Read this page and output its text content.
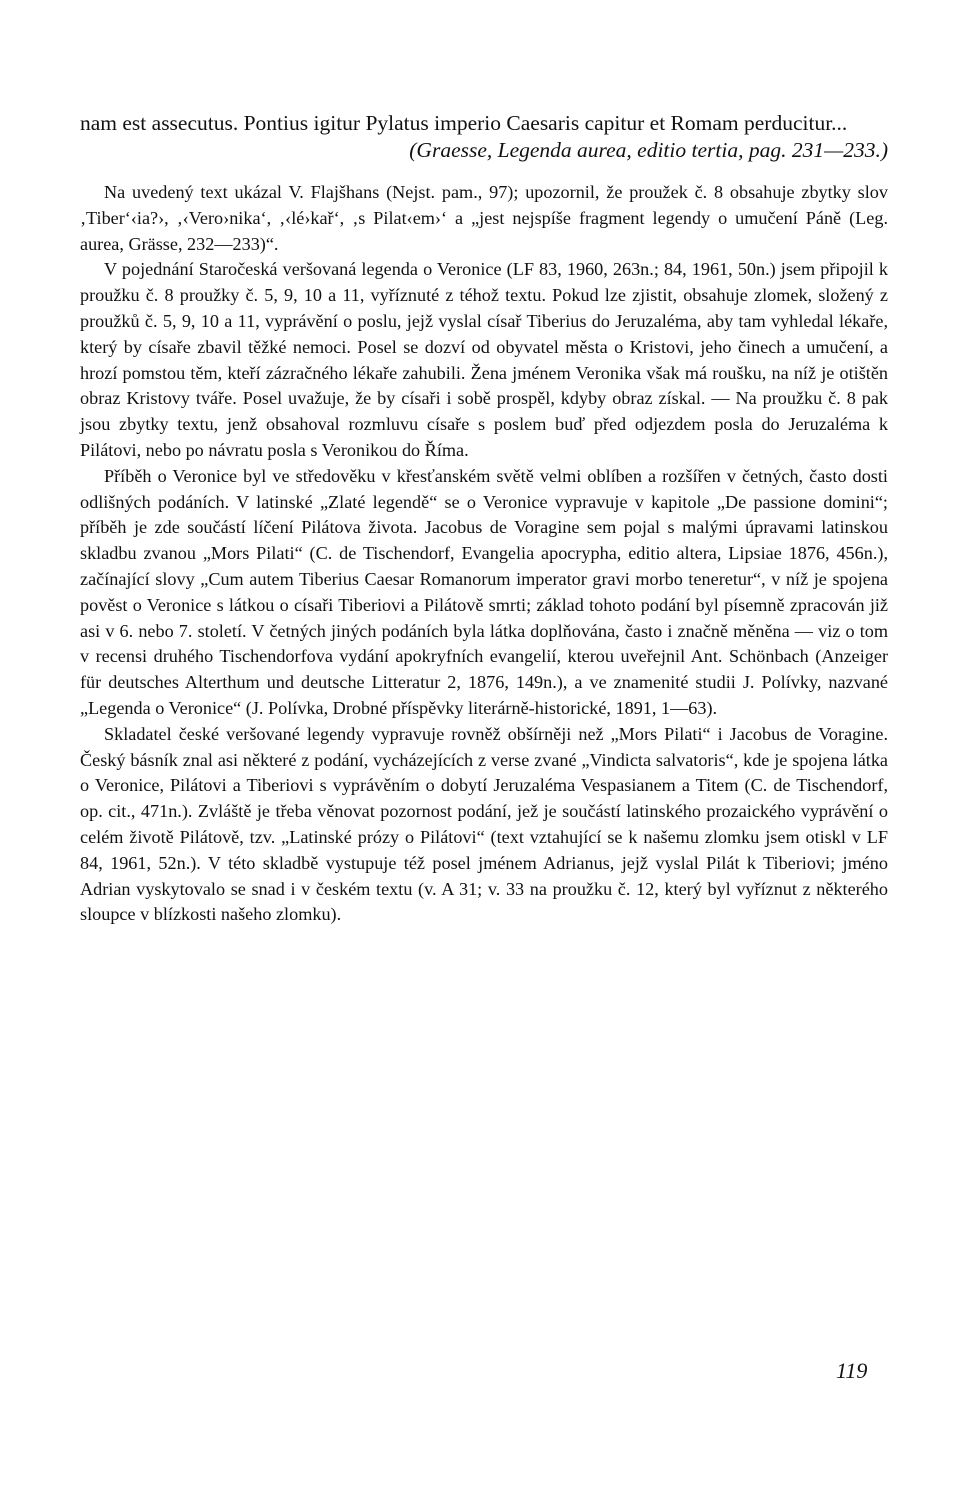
nam est assecutus. Pontius igitur Pylatus imperio Caesaris capitur et Romam perducitur...

(Graesse, Legenda aurea, editio tertia, pag. 231—233.)

Na uvedený text ukázal V. Flajšhans (Nejst. pam., 97); upozornil, že proužek č. 8 obsahuje zbytky slov ‚Tiber‘‹ia?›, ‚‹Vero›nika‘, ‚‹lé›kař‘, ‚s Pilat‹em›‘ a „jest nejspíše fragment legendy o umučení Páně (Leg. aurea, Grässe, 232—233)“.

V pojednání Staročeská veršovaná legenda o Veronice (LF 83, 1960, 263n.; 84, 1961, 50n.) jsem připojil k proužku č. 8 proužky č. 5, 9, 10 a 11, vyříznuté z téhož textu. Pokud lze zjistit, obsahuje zlomek, složený z proužků č. 5, 9, 10 a 11, vyprávění o poslu, jejž vyslal císař Tiberius do Jeruzaléma, aby tam vyhledal lékaře, který by císaře zbavil těžké nemoci. Posel se dozví od obyvatel města o Kristovi, jeho činech a umučení, a hrozí pomstou těm, kteří zázračného lékaře zahubili. Žena jménem Veronika však má roušku, na níž je otištěn obraz Kristovy tváře. Posel uvažuje, že by císaři i sobě prospěl, kdyby obraz získal. — Na proužku č. 8 pak jsou zbytky textu, jenž obsahoval rozmluvu císaře s poslem buď před odjezdem posla do Jeruzaléma k Pilátovi, nebo po návratu posla s Veronikou do Říma.

Příběh o Veronice byl ve středověku v křesťanském světě velmi oblíben a rozšířen v četných, často dosti odlišných podáních. V latinské „Zlaté legendě“ se o Veronice vypravuje v kapitole „De passione domini“; příběh je zde součástí líčení Pilátova života. Jacobus de Voragine sem pojal s malými úpravami latinskou skladbu zvanou „Mors Pilati“ (C. de Tischendorf, Evangelia apocrypha, editio altera, Lipsiae 1876, 456n.), začínající slovy „Cum autem Tiberius Caesar Romanorum imperator gravi morbo teneretur“, v níž je spojena pověst o Veronice s látkou o císaři Tiberiovi a Pilátově smrti; základ tohoto podání byl písemně zpracován již asi v 6. nebo 7. století. V četných jiných podáních byla látka doplňována, často i značně měněna — viz o tom v recensi druhého Tischendorfova vydání apokryfních evangelií, kterou uveřejnil Ant. Schönbach (Anzeiger für deutsches Alterthum und deutsche Litteratur 2, 1876, 149n.), a ve znamenité studii J. Polívky, nazvané „Legenda o Veronice“ (J. Polívka, Drobné příspěvky literárně-historické, 1891, 1—63).

Skladatel české veršované legendy vypravuje rovněž obšírněji než „Mors Pilati“ i Jacobus de Voragine. Český básník znal asi některé z podání, vycházejících z verse zvané „Vindicta salvatoris“, kde je spojena látka o Veronice, Pilátovi a Tiberiovi s vyprávěním o dobytí Jeruzaléma Vespasianem a Titem (C. de Tischendorf, op. cit., 471n.). Zvláště je třeba věnovat pozornost podání, jež je součástí latinského prozaického vyprávění o celém životě Pilátově, tzv. „Latinské prózy o Pilátovi“ (text vztahující se k našemu zlomku jsem otiskl v LF 84, 1961, 52n.). V této skladbě vystupuje též posel jménem Adrianus, jejž vyslal Pilát k Tiberiovi; jméno Adrian vyskytovalo se snad i v českém textu (v. A 31; v. 33 na proužku č. 12, který byl vyříznut z některého sloupce v blízkosti našeho zlomku).

119
